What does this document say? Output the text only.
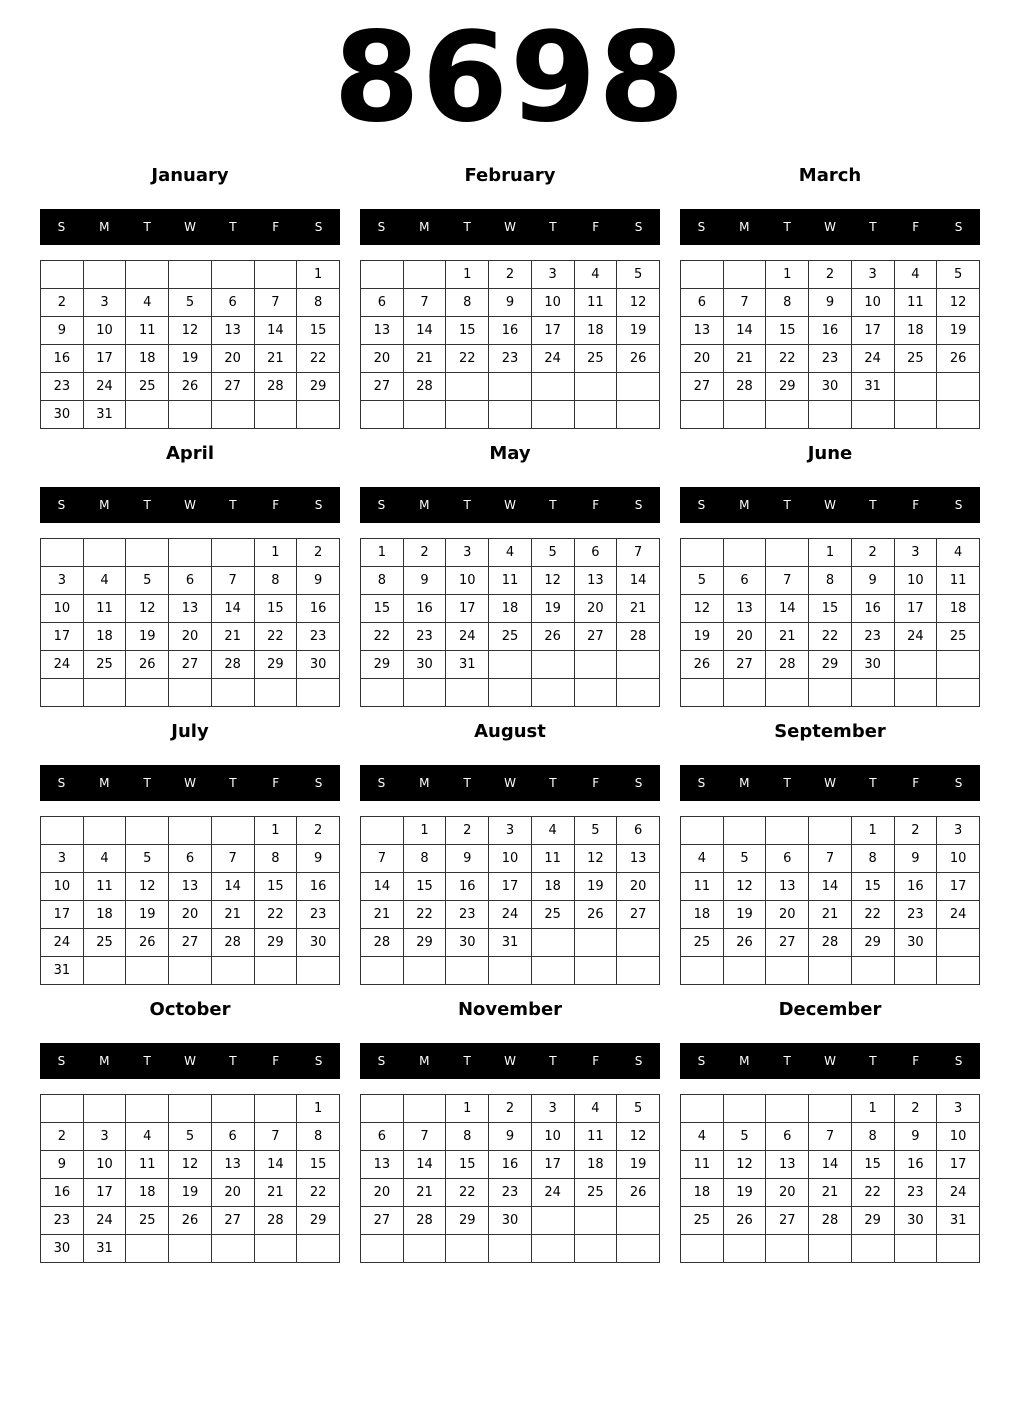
8698
January
S	M	T	W	T	F	S
						1
2	3	4	5	6	7	8
9	10	11	12	13	14	15
16	17	18	19	20	21	22
23	24	25	26	27	28	29
30	31					
February
S	M	T	W	T	F	S
		1	2	3	4	5
6	7	8	9	10	11	12
13	14	15	16	17	18	19
20	21	22	23	24	25	26
27	28					

March
S	M	T	W	T	F	S
		1	2	3	4	5
6	7	8	9	10	11	12
13	14	15	16	17	18	19
20	21	22	23	24	25	26
27	28	29	30	31		

April
S	M	T	W	T	F	S
					1	2
3	4	5	6	7	8	9
10	11	12	13	14	15	16
17	18	19	20	21	22	23
24	25	26	27	28	29	30

May
S	M	T	W	T	F	S
1	2	3	4	5	6	7
8	9	10	11	12	13	14
15	16	17	18	19	20	21
22	23	24	25	26	27	28
29	30	31				

June
S	M	T	W	T	F	S
			1	2	3	4
5	6	7	8	9	10	11
12	13	14	15	16	17	18
19	20	21	22	23	24	25
26	27	28	29	30		

July
S	M	T	W	T	F	S
					1	2
3	4	5	6	7	8	9
10	11	12	13	14	15	16
17	18	19	20	21	22	23
24	25	26	27	28	29	30
31						
August
S	M	T	W	T	F	S
	1	2	3	4	5	6
7	8	9	10	11	12	13
14	15	16	17	18	19	20
21	22	23	24	25	26	27
28	29	30	31			

September
S	M	T	W	T	F	S
				1	2	3
4	5	6	7	8	9	10
11	12	13	14	15	16	17
18	19	20	21	22	23	24
25	26	27	28	29	30	

October
S	M	T	W	T	F	S
						1
2	3	4	5	6	7	8
9	10	11	12	13	14	15
16	17	18	19	20	21	22
23	24	25	26	27	28	29
30	31					
November
S	M	T	W	T	F	S
		1	2	3	4	5
6	7	8	9	10	11	12
13	14	15	16	17	18	19
20	21	22	23	24	25	26
27	28	29	30			

December
S	M	T	W	T	F	S
				1	2	3
4	5	6	7	8	9	10
11	12	13	14	15	16	17
18	19	20	21	22	23	24
25	26	27	28	29	30	31
